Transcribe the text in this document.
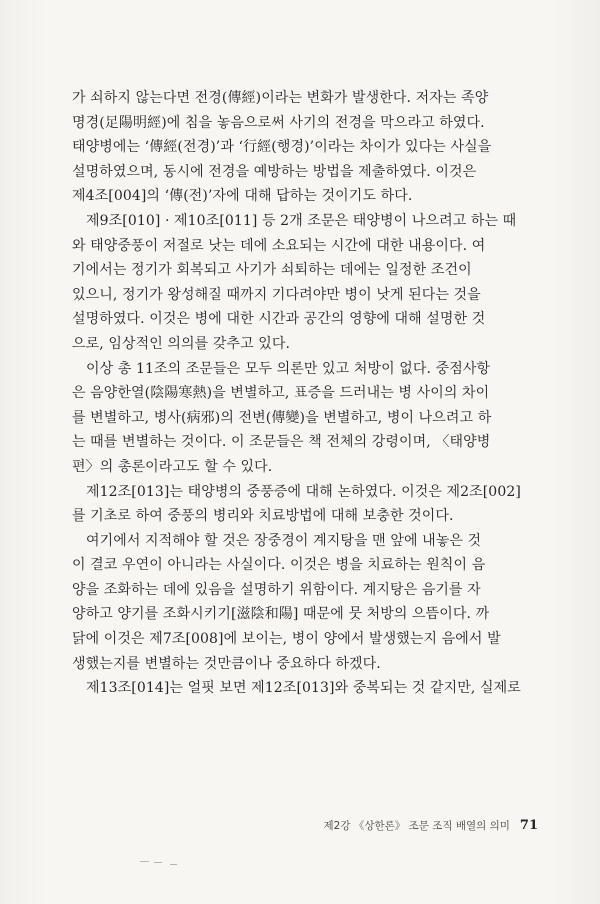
가 쇠하지 않는다면 전경(傳經)이라는 변화가 발생한다. 저자는 족양
명경(足陽明經)에 침을 놓음으로써 사기의 전경을 막으라고 하였다.
태양병에는 ‘傳經(전경)’과 ‘行經(행경)’이라는 차이가 있다는 사실을
설명하였으며, 동시에 전경을 예방하는 방법을 제출하였다. 이것은
제4조[004]의 ‘傳(전)’자에 대해 답하는 것이기도 하다.
제9조[010] · 제10조[011] 등 2개 조문은 태양병이 나으려고 하는 때
와 태양중풍이 저절로 낫는 데에 소요되는 시간에 대한 내용이다. 여
기에서는 정기가 회복되고 사기가 쇠퇴하는 데에는 일정한 조건이
있으니, 정기가 왕성해질 때까지 기다려야만 병이 낫게 된다는 것을
설명하였다. 이것은 병에 대한 시간과 공간의 영향에 대해 설명한 것
으로, 임상적인 의의를 갖추고 있다.
이상 총 11조의 조문들은 모두 의론만 있고 처방이 없다. 중점사항
은 음양한열(陰陽寒熱)을 변별하고, 표증을 드러내는 병 사이의 차이
를 변별하고, 병사(病邪)의 전변(傳變)을 변별하고, 병이 나으려고 하
는 때를 변별하는 것이다. 이 조문들은 책 전체의 강령이며, 〈태양병
편〉의 총론이라고도 할 수 있다.
제12조[013]는 태양병의 중풍증에 대해 논하였다. 이것은 제2조[002]
를 기초로 하여 중풍의 병리와 치료방법에 대해 보충한 것이다.
여기에서 지적해야 할 것은 장중경이 계지탕을 맨 앞에 내놓은 것
이 결코 우연이 아니라는 사실이다. 이것은 병을 치료하는 원칙이 음
양을 조화하는 데에 있음을 설명하기 위함이다. 계지탕은 음기를 자
양하고 양기를 조화시키기[滋陰和陽] 때문에 뭇 처방의 으뜸이다. 까
닭에 이것은 제7조[008]에 보이는, 병이 양에서 발생했는지 음에서 발
생했는지를 변별하는 것만큼이나 중요하다 하겠다.
제13조[014]는 얼핏 보면 제12조[013]와 중복되는 것 같지만, 실제로
제2강 《상한론》 조문 조직 배열의 의미 71
